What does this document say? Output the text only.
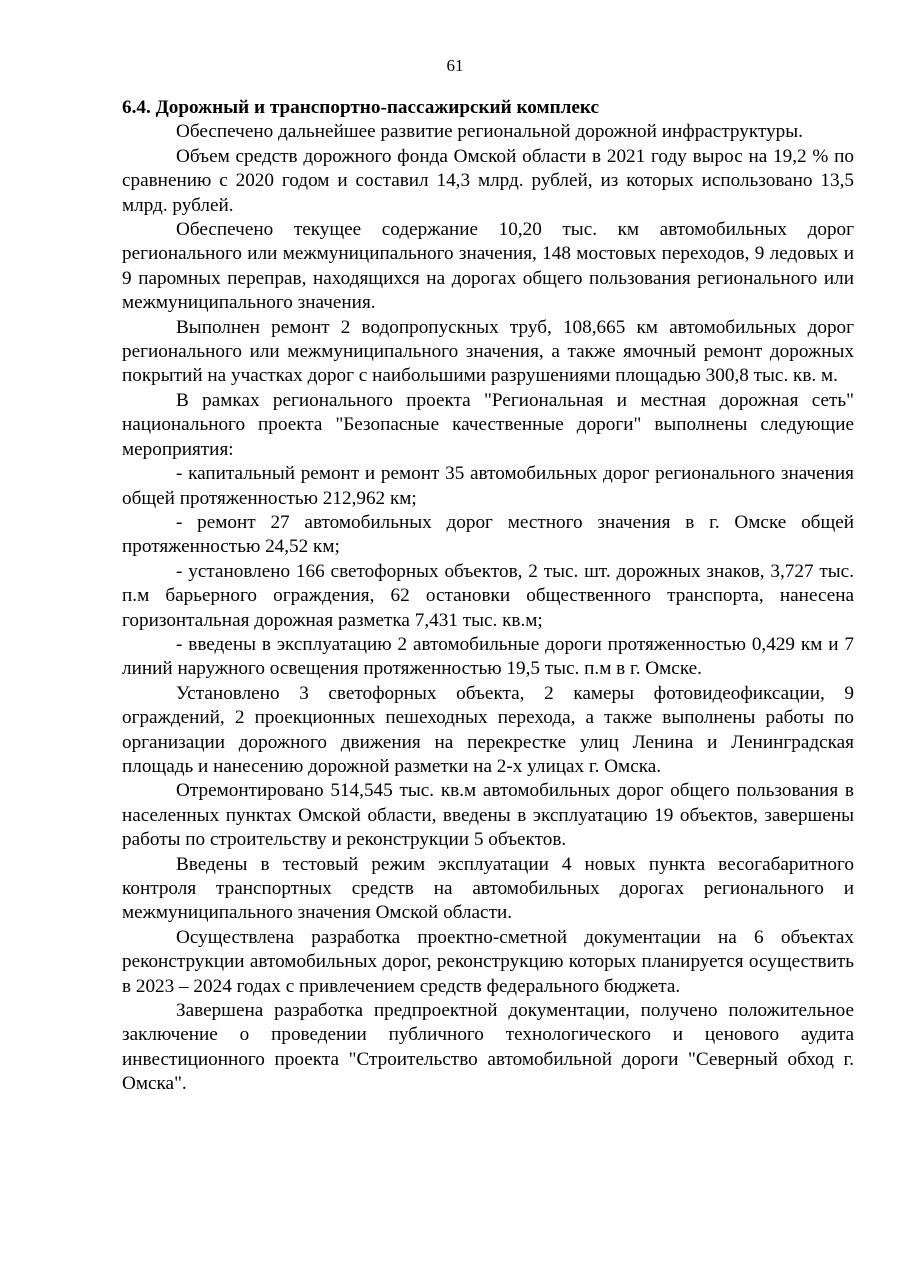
61

6.4. Дорожный и транспортно-пассажирский комплекс

Обеспечено дальнейшее развитие региональной дорожной инфраструктуры.

Объем средств дорожного фонда Омской области в 2021 году вырос на 19,2 % по сравнению с 2020 годом и составил 14,3 млрд. рублей, из которых использовано 13,5 млрд. рублей.

Обеспечено текущее содержание 10,20 тыс. км автомобильных дорог регионального или межмуниципального значения, 148 мостовых переходов, 9 ледовых и 9 паромных переправ, находящихся на дорогах общего пользования регионального или межмуниципального значения.

Выполнен ремонт 2 водопропускных труб, 108,665 км автомобильных дорог регионального или межмуниципального значения, а также ямочный ремонт дорожных покрытий на участках дорог с наибольшими разрушениями площадью 300,8 тыс. кв. м.

В рамках регионального проекта "Региональная и местная дорожная сеть" национального проекта "Безопасные качественные дороги" выполнены следующие мероприятия:

- капитальный ремонт и ремонт 35 автомобильных дорог регионального значения общей протяженностью 212,962 км;

- ремонт 27 автомобильных дорог местного значения в г. Омске общей протяженностью 24,52 км;

- установлено 166 светофорных объектов, 2 тыс. шт. дорожных знаков, 3,727 тыс. п.м барьерного ограждения, 62 остановки общественного транспорта, нанесена горизонтальная дорожная разметка 7,431 тыс. кв.м;

- введены в эксплуатацию 2 автомобильные дороги протяженностью 0,429 км и 7 линий наружного освещения протяженностью 19,5 тыс. п.м в г. Омске.

Установлено 3 светофорных объекта, 2 камеры фотовидеофиксации, 9 ограждений, 2 проекционных пешеходных перехода, а также выполнены работы по организации дорожного движения на перекрестке улиц Ленина и Ленинградская площадь и нанесению дорожной разметки на 2-х улицах г. Омска.

Отремонтировано 514,545 тыс. кв.м автомобильных дорог общего пользования в населенных пунктах Омской области, введены в эксплуатацию 19 объектов, завершены работы по строительству и реконструкции 5 объектов.

Введены в тестовый режим эксплуатации 4 новых пункта весогабаритного контроля транспортных средств на автомобильных дорогах регионального и межмуниципального значения Омской области.

Осуществлена разработка проектно-сметной документации на 6 объектах реконструкции автомобильных дорог, реконструкцию которых планируется осуществить в 2023 – 2024 годах с привлечением средств федерального бюджета.

Завершена разработка предпроектной документации, получено положительное заключение о проведении публичного технологического и ценового аудита инвестиционного проекта "Строительство автомобильной дороги "Северный обход г. Омска".
